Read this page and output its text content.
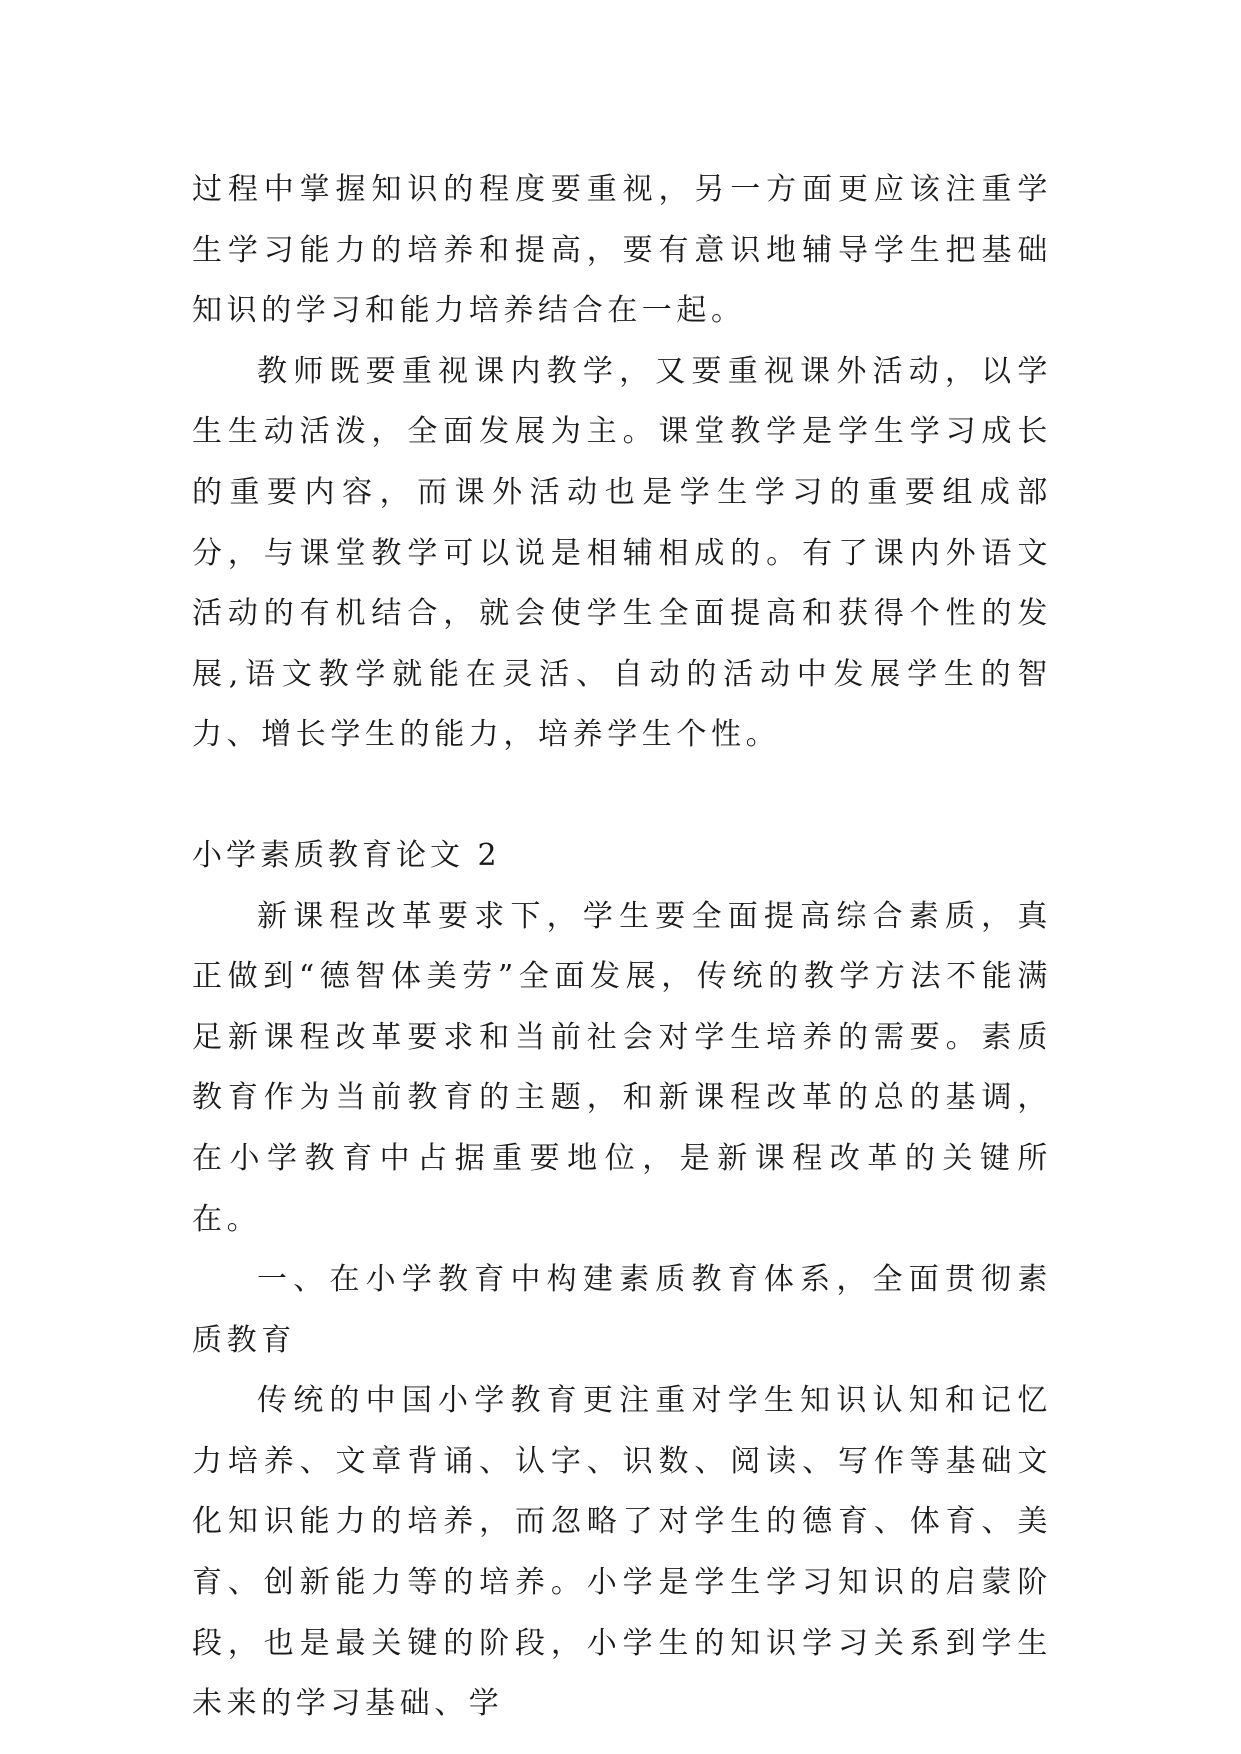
过程中掌握知识的程度要重视，另一方面更应该注重学生学习能力的培养和提高，要有意识地辅导学生把基础知识的学习和能力培养结合在一起。

教师既要重视课内教学，又要重视课外活动，以学生生动活泼，全面发展为主。课堂教学是学生学习成长的重要内容，而课外活动也是学生学习的重要组成部分，与课堂教学可以说是相辅相成的。有了课内外语文活动的有机结合，就会使学生全面提高和获得个性的发展,语文教学就能在灵活、自动的活动中发展学生的智力、增长学生的能力，培养学生个性。

小学素质教育论文 2

新课程改革要求下，学生要全面提高综合素质，真正做到“德智体美劳”全面发展，传统的教学方法不能满足新课程改革要求和当前社会对学生培养的需要。素质教育作为当前教育的主题，和新课程改革的总的基调，在小学教育中占据重要地位，是新课程改革的关键所在。

一、在小学教育中构建素质教育体系，全面贯彻素质教育

传统的中国小学教育更注重对学生知识认知和记忆力培养、文章背诵、认字、识数、阅读、写作等基础文化知识能力的培养，而忽略了对学生的德育、体育、美育、创新能力等的培养。小学是学生学习知识的启蒙阶段，也是最关键的阶段，小学生的知识学习关系到学生未来的学习基础、学
